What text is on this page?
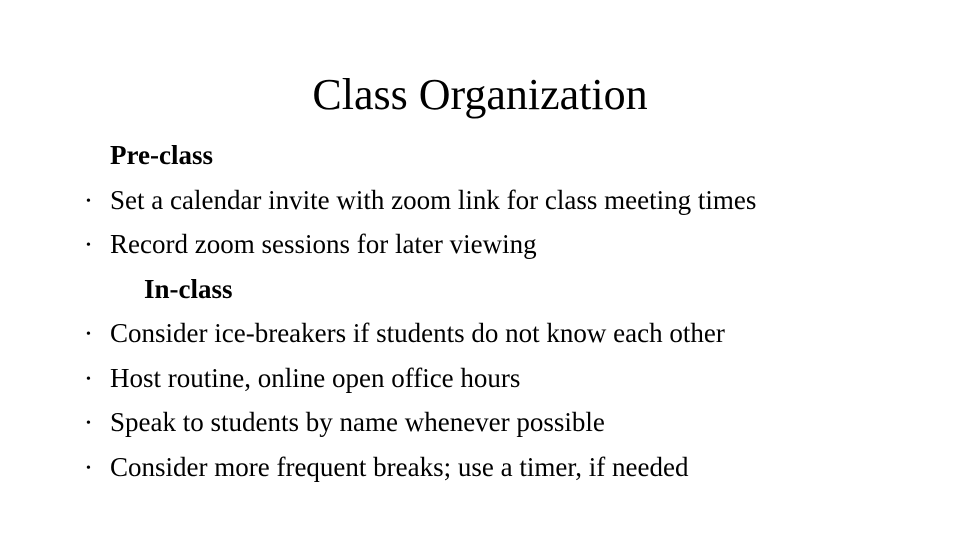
Class Organization
Pre-class
• Set a calendar invite with zoom link for class meeting times
• Record zoom sessions for later viewing
In-class
• Consider ice-breakers if students do not know each other
• Host routine, online open office hours
• Speak to students by name whenever possible
• Consider more frequent breaks; use a timer, if needed
